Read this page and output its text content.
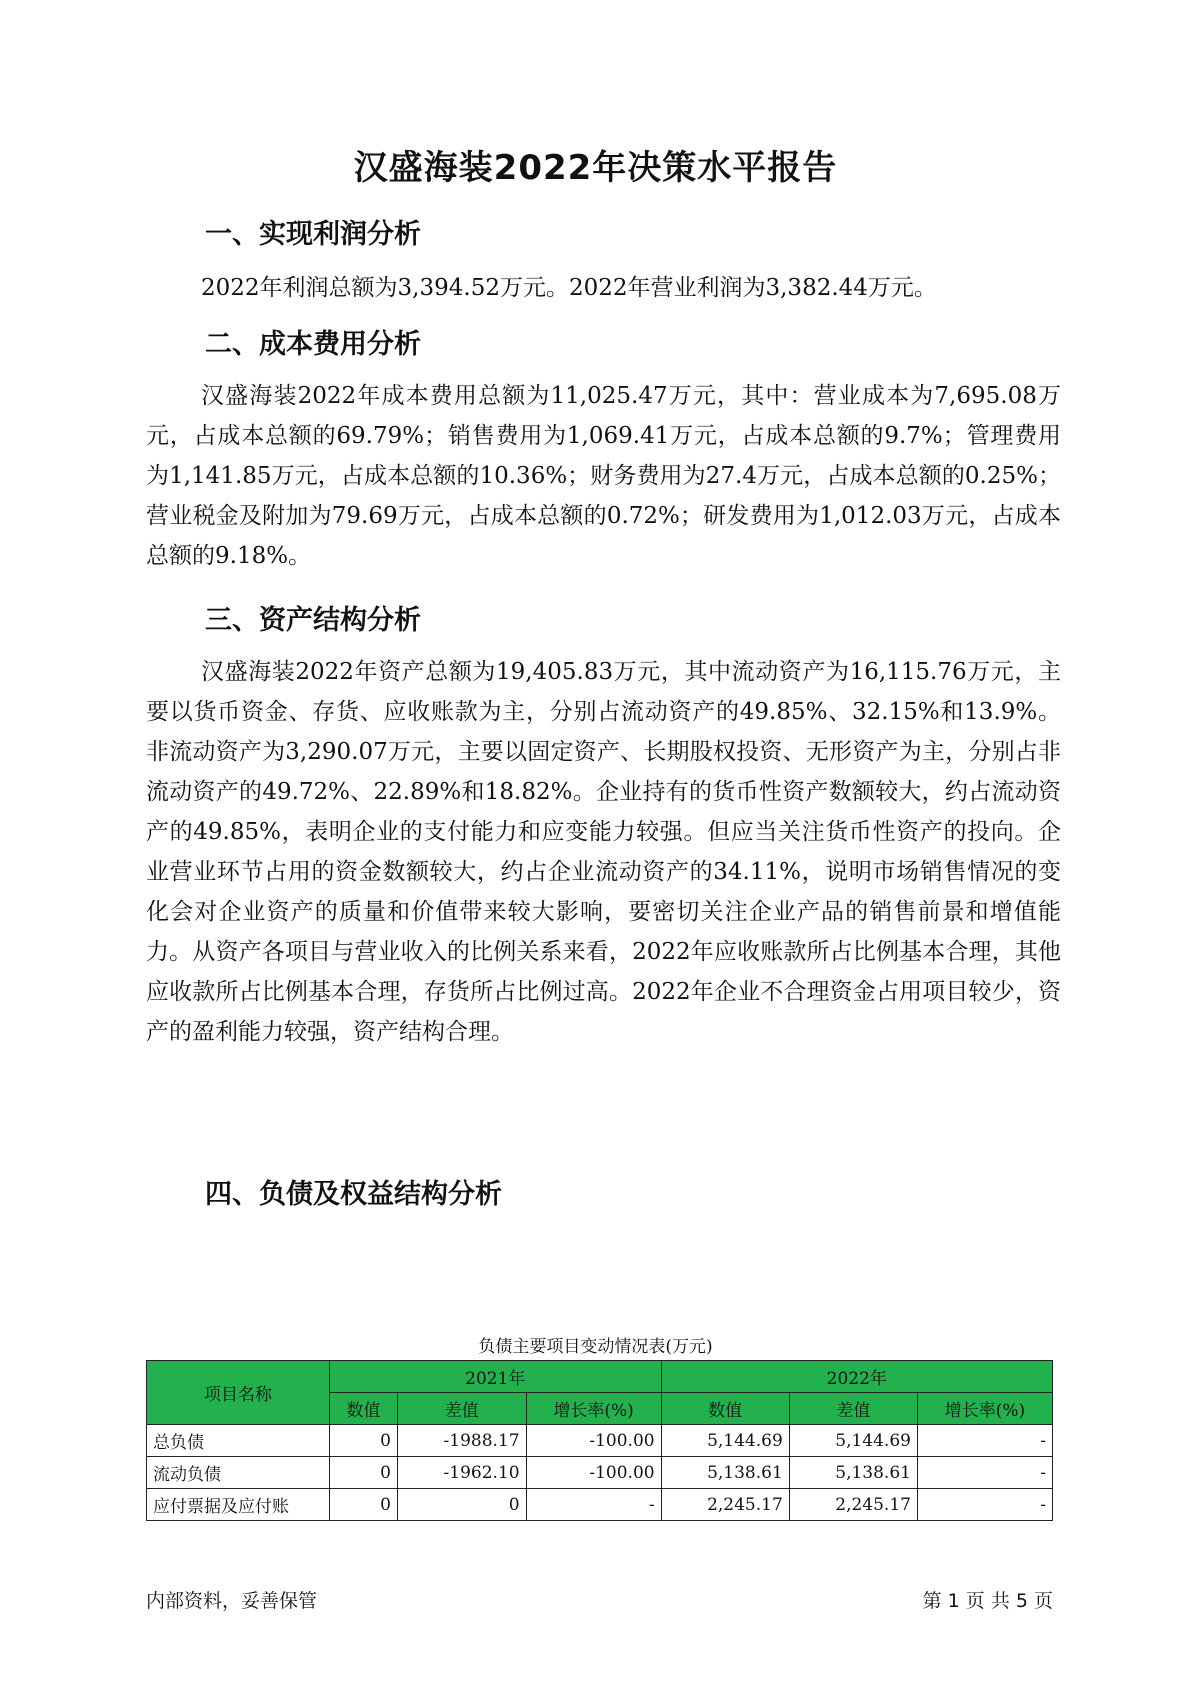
汉盛海装2022年决策水平报告
一、实现利润分析

2022年利润总额为3,394.52万元。2022年营业利润为3,382.44万元。

二、成本费用分析

汉盛海装2022年成本费用总额为11,025.47万元，其中：营业成本为7,695.08万元，占成本总额的69.79%；销售费用为1,069.41万元，占成本总额的9.7%；管理费用为1,141.85万元，占成本总额的10.36%；财务费用为27.4万元，占成本总额的0.25%；营业税金及附加为79.69万元，占成本总额的0.72%；研发费用为1,012.03万元，占成本总额的9.18%。

三、资产结构分析

汉盛海装2022年资产总额为19,405.83万元，其中流动资产为16,115.76万元，主要以货币资金、存货、应收账款为主，分别占流动资产的49.85%、32.15%和13.9%。非流动资产为3,290.07万元，主要以固定资产、长期股权投资、无形资产为主，分别占非流动资产的49.72%、22.89%和18.82%。企业持有的货币性资产数额较大，约占流动资产的49.85%，表明企业的支付能力和应变能力较强。但应当关注货币性资产的投向。企业营业环节占用的资金数额较大，约占企业流动资产的34.11%，说明市场销售情况的变化会对企业资产的质量和价值带来较大影响，要密切关注企业产品的销售前景和增值能力。从资产各项目与营业收入的比例关系来看，2022年应收账款所占比例基本合理，其他应收款所占比例基本合理，存货所占比例过高。2022年企业不合理资金占用项目较少，资产的盈利能力较强，资产结构合理。

四、负债及权益结构分析
负债主要项目变动情况表(万元)
项目名称	2021年			2022年		
	数值	差值	增长率(%)	数值	差值	增长率(%)
总负债	0	-1988.17	-100.00	5,144.69	5,144.69	-
流动负债	0	-1962.10	-100.00	5,138.61	5,138.61	-
应付票据及应付账	0	0	-	2,245.17	2,245.17	-
内部资料，妥善保管	第 1 页 共 5 页
